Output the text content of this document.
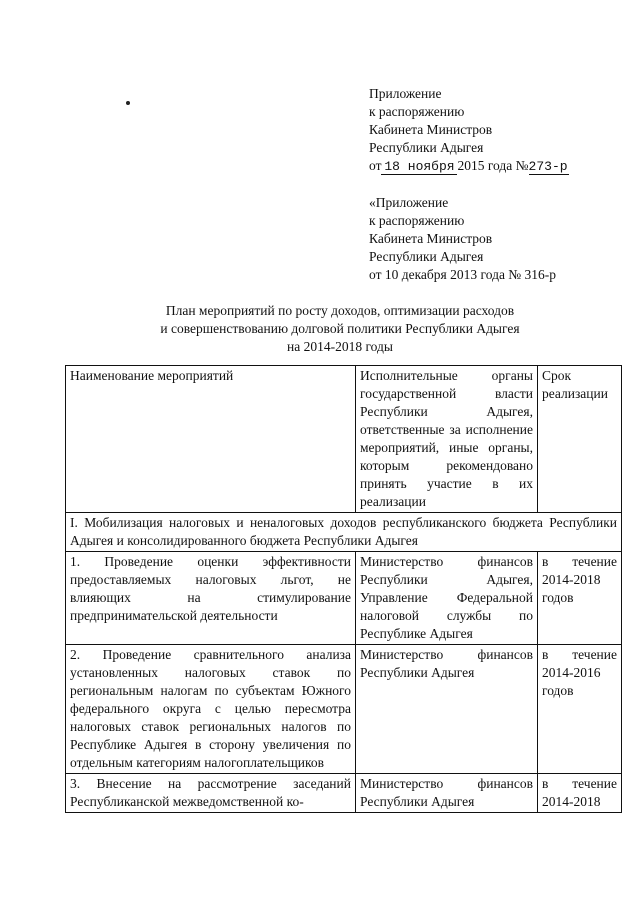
Приложение
к распоряжению
Кабинета Министров
Республики Адыгея
от 18 ноября 2015 года №273-р
«Приложение
к распоряжению
Кабинета Министров
Республики Адыгея
от 10 декабря 2013 года № 316-р
План мероприятий по росту доходов, оптимизации расходов
и совершенствованию долговой политики Республики Адыгея
на 2014-2018 годы
Наименование мероприятий	Исполнительные органы государственной власти Республики Адыгея, ответственные за исполнение мероприятий, иные органы, которым рекомендовано принять участие в их реализации	Срок реализации
I. Мобилизация налоговых и неналоговых доходов республиканского бюджета Республики Адыгея и консолидированного бюджета Республики Адыгея		
1. Проведение оценки эффективности предоставляемых налоговых льгот, не влияющих на стимулирование предпринимательской деятельности	Министерство финансов Республики Адыгея, Управление Федеральной налоговой службы по Республике Адыгея	в течение 2014-2018 годов
2. Проведение сравнительного анализа установленных налоговых ставок по региональным налогам по субъектам Южного федерального округа с целью пересмотра налоговых ставок региональных налогов по Республике Адыгея в сторону увеличения по отдельным категориям налогоплательщиков	Министерство финансов Республики Адыгея	в течение 2014-2016 годов
3. Внесение на рассмотрение заседаний Республиканской межведомственной ко-	Министерство финансов Республики Адыгея	в течение 2014-2018
